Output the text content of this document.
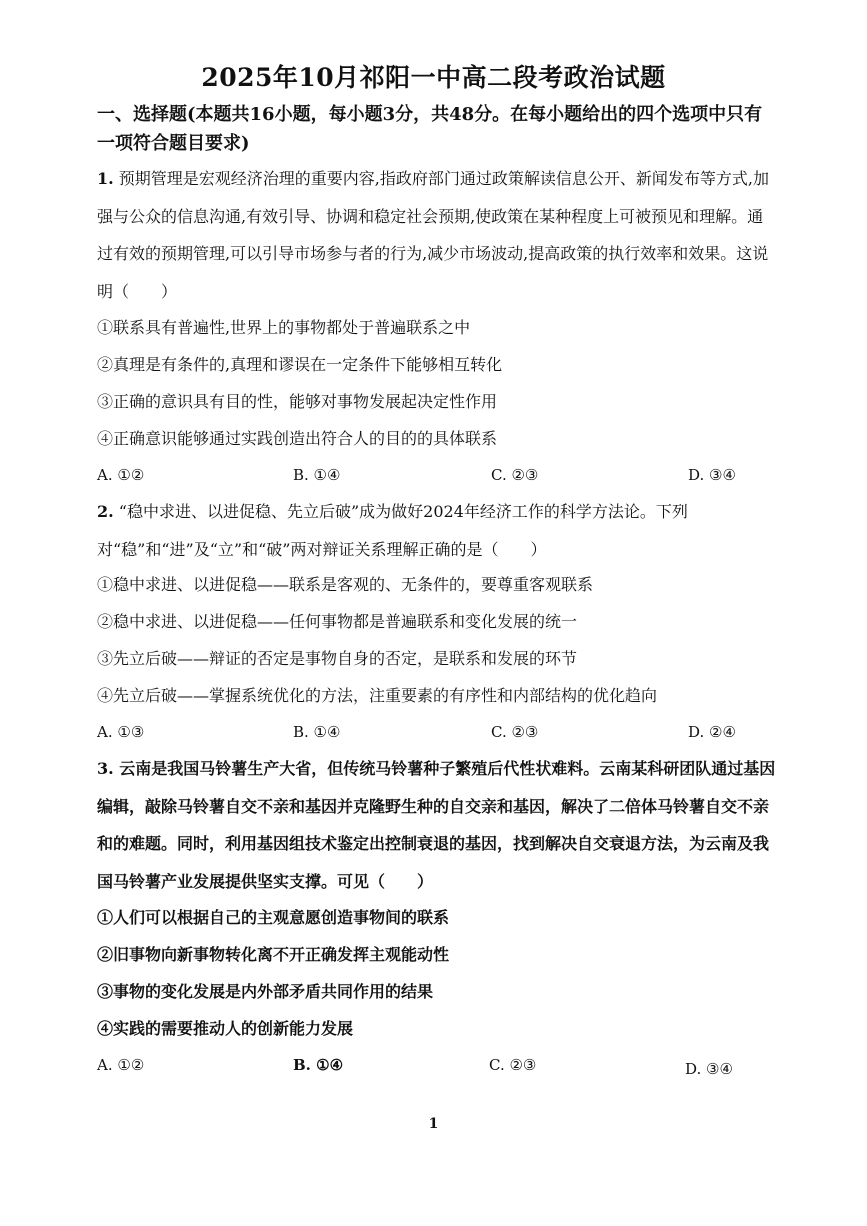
2025年10月祁阳一中高二段考政治试题
一、选择题(本题共16小题，每小题3分，共48分。在每小题给出的四个选项中只有一项符合题目要求)
1. 预期管理是宏观经济治理的重要内容,指政府部门通过政策解读信息公开、新闻发布等方式,加强与公众的信息沟通,有效引导、协调和稳定社会预期,使政策在某种程度上可被预见和理解。通过有效的预期管理,可以引导市场参与者的行为,减少市场波动,提高政策的执行效率和效果。这说明（　　）
①联系具有普遍性,世界上的事物都处于普遍联系之中
②真理是有条件的,真理和谬误在一定条件下能够相互转化
③正确的意识具有目的性，能够对事物发展起决定性作用
④正确意识能够通过实践创造出符合人的目的的具体联系
A. ①②	B. ①④	C. ②③	D. ③④
2. “稳中求进、以进促稳、先立后破”成为做好2024年经济工作的科学方法论。下列对“稳”和“进”及“立”和“破”两对辩证关系理解正确的是（　　）
①稳中求进、以进促稳——联系是客观的、无条件的，要尊重客观联系
②稳中求进、以进促稳——任何事物都是普遍联系和变化发展的统一
③先立后破——辩证的否定是事物自身的否定，是联系和发展的环节
④先立后破——掌握系统优化的方法，注重要素的有序性和内部结构的优化趋向
A. ①③	B. ①④	C. ②③	D. ②④
3. 云南是我国马铃薯生产大省，但传统马铃薯种子繁殖后代性状难料。云南某科研团队通过基因编辑，敲除马铃薯自交不亲和基因并克隆野生种的自交亲和基因，解决了二倍体马铃薯自交不亲和的难题。同时，利用基因组技术鉴定出控制衰退的基因，找到解决自交衰退方法，为云南及我国马铃薯产业发展提供坚实支撑。可见（　　）
①人们可以根据自己的主观意愿创造事物间的联系
②旧事物向新事物转化离不开正确发挥主观能动性
③事物的变化发展是内外部矛盾共同作用的结果
④实践的需要推动人的创新能力发展
A. ①②	B. ①④	C. ②③	D. ③④
1
